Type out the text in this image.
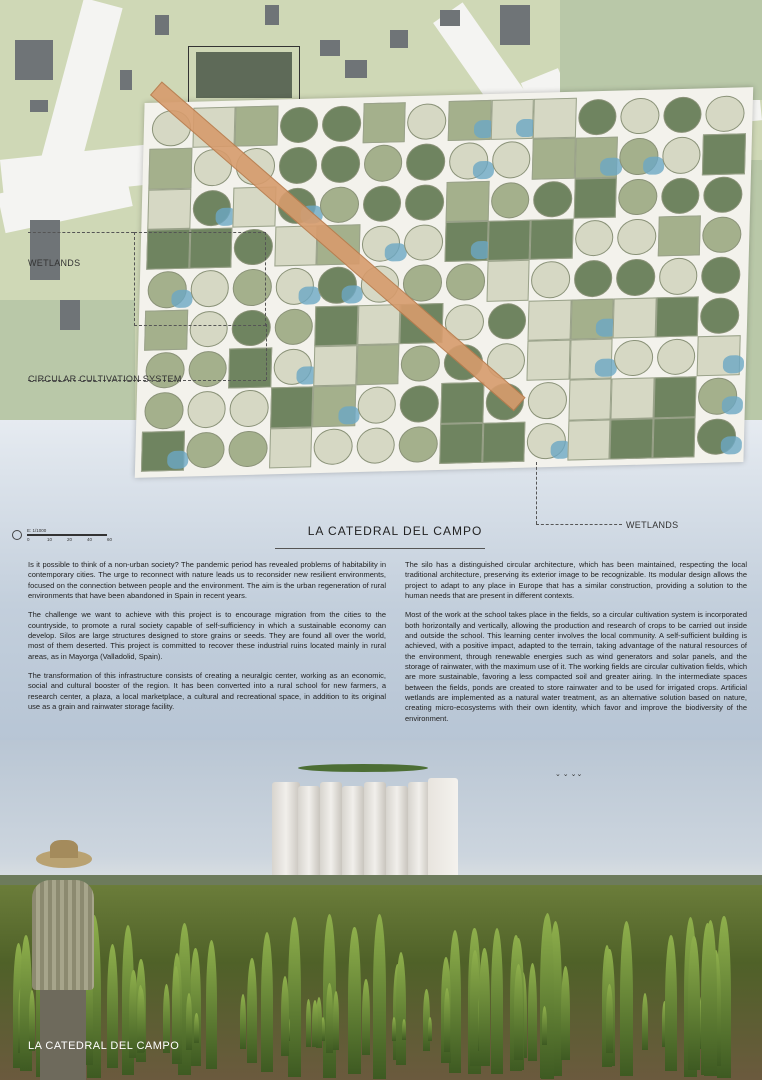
WETLANDS
CIRCULAR CULTIVATION SYSTEM
WETLANDS
E: 1/1000
0	10	20	40	60
LA CATEDRAL DEL CAMPO

Is it possible to think of a non-urban society? The pandemic period has revealed problems of habitability in contemporary cities. The urge to reconnect with nature leads us to reconsider new resilient environments, focused on the connection between people and the environment. The aim is the urban regeneration of rural environments that have been abandoned in Spain in recent years.

The challenge we want to achieve with this project is to encourage migration from the cities to the countryside, to promote a rural society capable of self-sufficiency in which a sustainable economy can develop. Silos are large structures designed to store grains or seeds. They are found all over the world, most of them deserted. This project is committed to recover these industrial ruins located mainly in rural areas, as in Mayorga (Valladolid, Spain).

The transformation of this infrastructure consists of creating a neuralgic center, working as an economic, social and cultural booster of the region. It has been converted into a rural school for new farmers, a research center, a plaza, a local marketplace, a cultural and recreational space, in addition to its original use as a grain and rainwater storage facility.

The silo has a distinguished circular architecture, which has been maintained, respecting the local traditional architecture, preserving its exterior image to be recognizable. Its modular design allows the project to adapt to any place in Europe that has a similar construction, providing a solution to the human needs that are present in different contexts.

Most of the work at the school takes place in the fields, so a circular cultivation system is incorporated both horizontally and vertically, allowing the production and research of crops to be carried out inside and outside the school. This learning center involves the local community. A self-sufficient building is achieved, with a positive impact, adapted to the terrain, taking advantage of the natural resources of the environment, through renewable energies such as wind generators and solar panels, and the storage of rainwater, with the maximum use of it. The working fields are circular cultivation fields, which are more sustainable, favoring a less compacted soil and greater airing. In the intermediate spaces between the fields, ponds are created to store rainwater and to be used for irrigated crops. Artificial wetlands are implemented as a natural water treatment, as an alternative solution based on nature, creating micro-ecosystems with their own identity, which favor and improve the biodiversity of the environment.

⌄ ⌄ ⌄⌄
LA CATEDRAL DEL CAMPO
